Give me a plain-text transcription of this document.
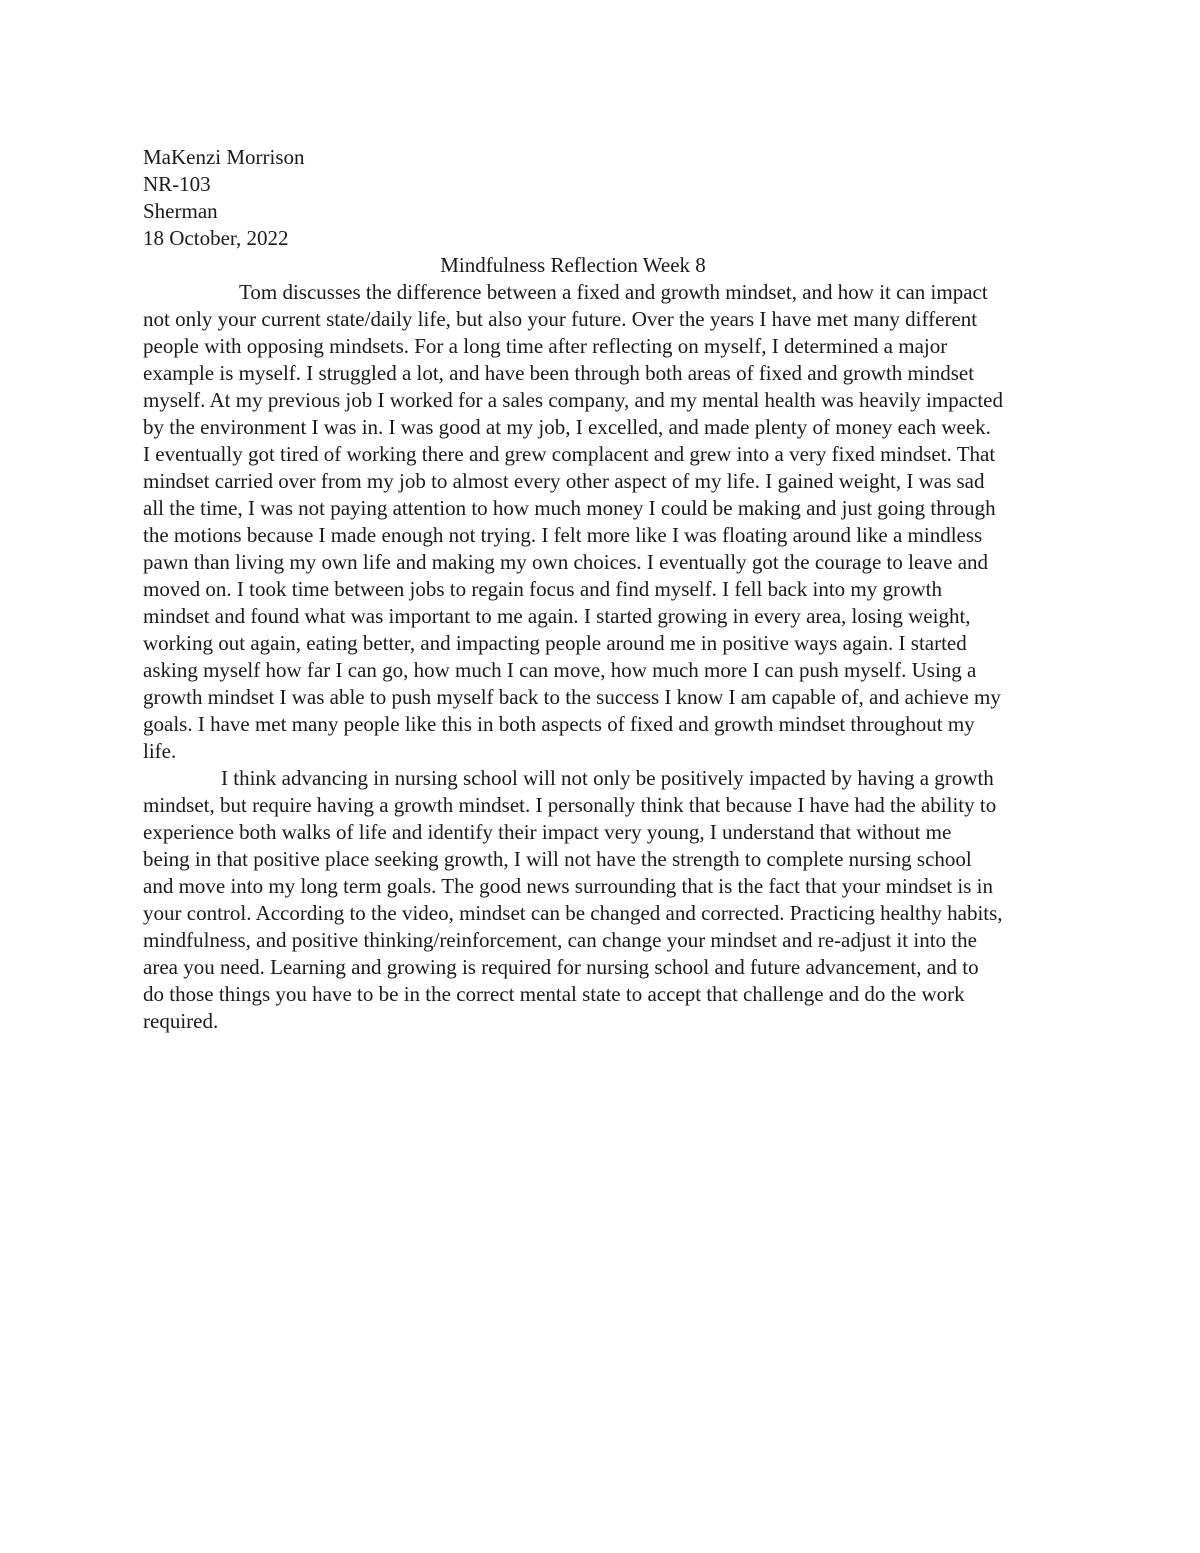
MaKenzi Morrison

NR-103

Sherman

18 October, 2022

Mindfulness Reflection Week 8

Tom discusses the difference between a fixed and growth mindset, and how it can impact not only your current state/daily life, but also your future. Over the years I have met many different people with opposing mindsets. For a long time after reflecting on myself, I determined a major example is myself. I struggled a lot, and have been through both areas of fixed and growth mindset myself. At my previous job I worked for a sales company, and my mental health was heavily impacted by the environment I was in. I was good at my job, I excelled, and made plenty of money each week. I eventually got tired of working there and grew complacent and grew into a very fixed mindset. That mindset carried over from my job to almost every other aspect of my life. I gained weight, I was sad all the time, I was not paying attention to how much money I could be making and just going through the motions because I made enough not trying. I felt more like I was floating around like a mindless pawn than living my own life and making my own choices. I eventually got the courage to leave and moved on. I took time between jobs to regain focus and find myself. I fell back into my growth mindset and found what was important to me again. I started growing in every area, losing weight, working out again, eating better, and impacting people around me in positive ways again. I started asking myself how far I can go, how much I can move, how much more I can push myself. Using a growth mindset I was able to push myself back to the success I know I am capable of, and achieve my goals. I have met many people like this in both aspects of fixed and growth mindset throughout my life.

I think advancing in nursing school will not only be positively impacted by having a growth mindset, but require having a growth mindset. I personally think that because I have had the ability to experience both walks of life and identify their impact very young, I understand that without me being in that positive place seeking growth, I will not have the strength to complete nursing school and move into my long term goals. The good news surrounding that is the fact that your mindset is in your control. According to the video, mindset can be changed and corrected. Practicing healthy habits, mindfulness, and positive thinking/reinforcement, can change your mindset and re-adjust it into the area you need. Learning and growing is required for nursing school and future advancement, and to do those things you have to be in the correct mental state to accept that challenge and do the work required.
